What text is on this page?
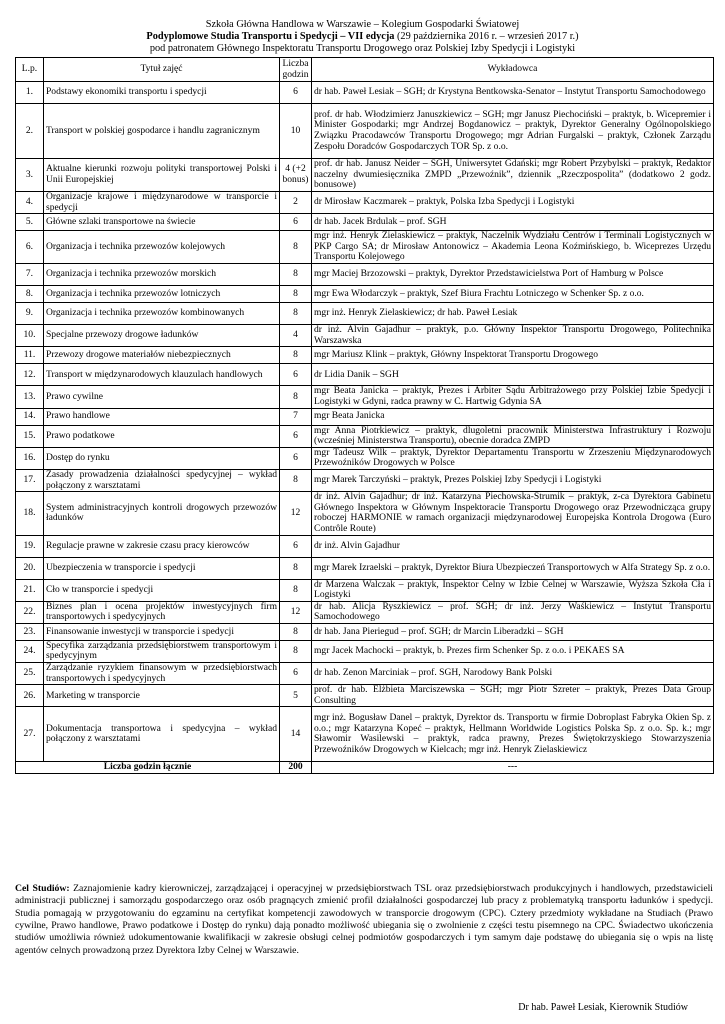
Szkoła Główna Handlowa w Warszawie – Kolegium Gospodarki Światowej
Podyplomowe Studia Transportu i Spedycji – VII edycja (29 października 2016 r. – wrzesień 2017 r.)
pod patronatem Głównego Inspektoratu Transportu Drogowego oraz Polskiej Izby Spedycji i Logistyki
L.p.	Tytuł zajęć	Liczba godzin	Wykładowca
1.	Podstawy ekonomiki transportu i spedycji	6	dr hab. Paweł Lesiak – SGH; dr Krystyna Bentkowska-Senator – Instytut Transportu Samochodowego
2.	Transport w polskiej gospodarce i handlu zagranicznym	10	prof. dr hab. Włodzimierz Januszkiewicz – SGH; mgr Janusz Piechociński – praktyk, b. Wicepremier i Minister Gospodarki; mgr Andrzej Bogdanowicz – praktyk, Dyrektor Generalny Ogólnopolskiego Związku Pracodawców Transportu Drogowego; mgr Adrian Furgalski – praktyk, Członek Zarządu Zespołu Doradców Gospodarczych TOR Sp. z o.o.
3.	Aktualne kierunki rozwoju polityki transportowej Polski i Unii Europejskiej	4 (+2 bonus)	prof. dr hab. Janusz Neider – SGH, Uniwersytet Gdański; mgr Robert Przybylski – praktyk, Redaktor naczelny dwumiesięcznika ZMPD „Przewoźnik”, dziennik „Rzeczpospolita” (dodatkowo 2 godz. bonusowe)
4.	Organizacje krajowe i międzynarodowe w transporcie i spedycji	2	dr Mirosław Kaczmarek – praktyk, Polska Izba Spedycji i Logistyki
5.	Główne szlaki transportowe na świecie	6	dr hab. Jacek Brdulak – prof. SGH
6.	Organizacja i technika przewozów kolejowych	8	mgr inż. Henryk Zielaskiewicz – praktyk, Naczelnik Wydziału Centrów i Terminali Logistycznych w PKP Cargo SA; dr Mirosław Antonowicz – Akademia Leona Koźmińskiego, b. Wiceprezes Urzędu Transportu Kolejowego
7.	Organizacja i technika przewozów morskich	8	mgr Maciej Brzozowski – praktyk, Dyrektor Przedstawicielstwa Port of Hamburg w Polsce
8.	Organizacja i technika przewozów lotniczych	8	mgr Ewa Włodarczyk – praktyk, Szef Biura Frachtu Lotniczego w Schenker Sp. z o.o.
9.	Organizacja i technika przewozów kombinowanych	8	mgr inż. Henryk Zielaskiewicz; dr hab. Paweł Lesiak
10.	Specjalne przewozy drogowe ładunków	4	dr inż. Alvin Gajadhur – praktyk, p.o. Główny Inspektor Transportu Drogowego, Politechnika Warszawska
11.	Przewozy drogowe materiałów niebezpiecznych	8	mgr Mariusz Klink – praktyk, Główny Inspektorat Transportu Drogowego
12.	Transport w międzynarodowych klauzulach handlowych	6	dr Lidia Danik – SGH
13.	Prawo cywilne	8	mgr Beata Janicka – praktyk, Prezes i Arbiter Sądu Arbitrażowego przy Polskiej Izbie Spedycji i Logistyki w Gdyni, radca prawny w C. Hartwig Gdynia SA
14.	Prawo handlowe	7	mgr Beata Janicka
15.	Prawo podatkowe	6	mgr Anna Piotrkiewicz – praktyk, dlugoletni pracownik Ministerstwa Infrastruktury i Rozwoju (wcześniej Ministerstwa Transportu), obecnie doradca ZMPD
16.	Dostęp do rynku	6	mgr Tadeusz Wilk – praktyk, Dyrektor Departamentu Transportu w Zrzeszeniu Międzynarodowych Przewoźników Drogowych w Polsce
17.	Zasady prowadzenia działalności spedycyjnej – wykład połączony z warsztatami	8	mgr Marek Tarczyński – praktyk, Prezes Polskiej Izby Spedycji i Logistyki
18.	System administracyjnych kontroli drogowych przewozów ładunków	12	dr inż. Alvin Gajadhur; dr inż. Katarzyna Piechowska-Strumik – praktyk, z-ca Dyrektora Gabinetu Głównego Inspektora w Głównym Inspektoracie Transportu Drogowego oraz Przewodnicząca grupy roboczej HARMONIE w ramach organizacji międzynarodowej Europejska Kontrola Drogowa (Euro Contrôle Route)
19.	Regulacje prawne w zakresie czasu pracy kierowców	6	dr inż. Alvin Gajadhur
20.	Ubezpieczenia w transporcie i spedycji	8	mgr Marek Izraelski – praktyk, Dyrektor Biura Ubezpieczeń Transportowych w Alfa Strategy Sp. z o.o.
21.	Cło w transporcie i spedycji	8	dr Marzena Walczak – praktyk, Inspektor Celny w Izbie Celnej w Warszawie, Wyższa Szkoła Cła i Logistyki
22.	Biznes plan i ocena projektów inwestycyjnych firm transportowych i spedycyjnych	12	dr hab. Alicja Ryszkiewicz – prof. SGH; dr inż. Jerzy Waśkiewicz – Instytut Transportu Samochodowego
23.	Finansowanie inwestycji w transporcie i spedycji	8	dr hab. Jana Pieriegud – prof. SGH; dr Marcin Liberadzki – SGH
24.	Specyfika zarządzania przedsiębiorstwem transportowym i spedycyjnym	8	mgr Jacek Machocki – praktyk, b. Prezes firm Schenker Sp. z o.o. i PEKAES SA
25.	Zarządzanie ryzykiem finansowym w przedsiębiorstwach transportowych i spedycyjnych	6	dr hab. Zenon Marciniak – prof. SGH, Narodowy Bank Polski
26.	Marketing w transporcie	5	prof. dr hab. Elżbieta Marciszewska – SGH; mgr Piotr Szreter – praktyk, Prezes Data Group Consulting
27.	Dokumentacja transportowa i spedycyjna – wykład połączony z warsztatami	14	mgr inż. Bogusław Danel – praktyk, Dyrektor ds. Transportu w firmie Dobroplast Fabryka Okien Sp. z o.o.; mgr Katarzyna Kopeć – praktyk, Hellmann Worldwide Logistics Polska Sp. z o.o. Sp. k.; mgr Sławomir Wasilewski – praktyk, radca prawny, Prezes Świętokrzyskiego Stowarzyszenia Przewoźników Drogowych w Kielcach; mgr inż. Henryk Zielaskiewicz
Liczba godzin łącznie		200	---
Cel Studiów: Zaznajomienie kadry kierowniczej, zarządzającej i operacyjnej w przedsiębiorstwach TSL oraz przedsiębiorstwach produkcyjnych i handlowych, przedstawicieli administracji publicznej i samorządu gospodarczego oraz osób pragnących zmienić profil działalności gospodarczej lub pracy z problematyką transportu ładunków i spedycji. Studia pomagają w przygotowaniu do egzaminu na certyfikat kompetencji zawodowych w transporcie drogowym (CPC). Cztery przedmioty wykładane na Studiach (Prawo cywilne, Prawo handlowe, Prawo podatkowe i Dostęp do rynku) dają ponadto możliwość ubiegania się o zwolnienie z części testu pisemnego na CPC. Świadectwo ukończenia studiów umożliwia również udokumentowanie kwalifikacji w zakresie obsługi celnej podmiotów gospodarczych i tym samym daje podstawę do ubiegania się o wpis na listę agentów celnych prowadzoną przez Dyrektora Izby Celnej w Warszawie.
Dr hab. Paweł Lesiak, Kierownik Studiów
